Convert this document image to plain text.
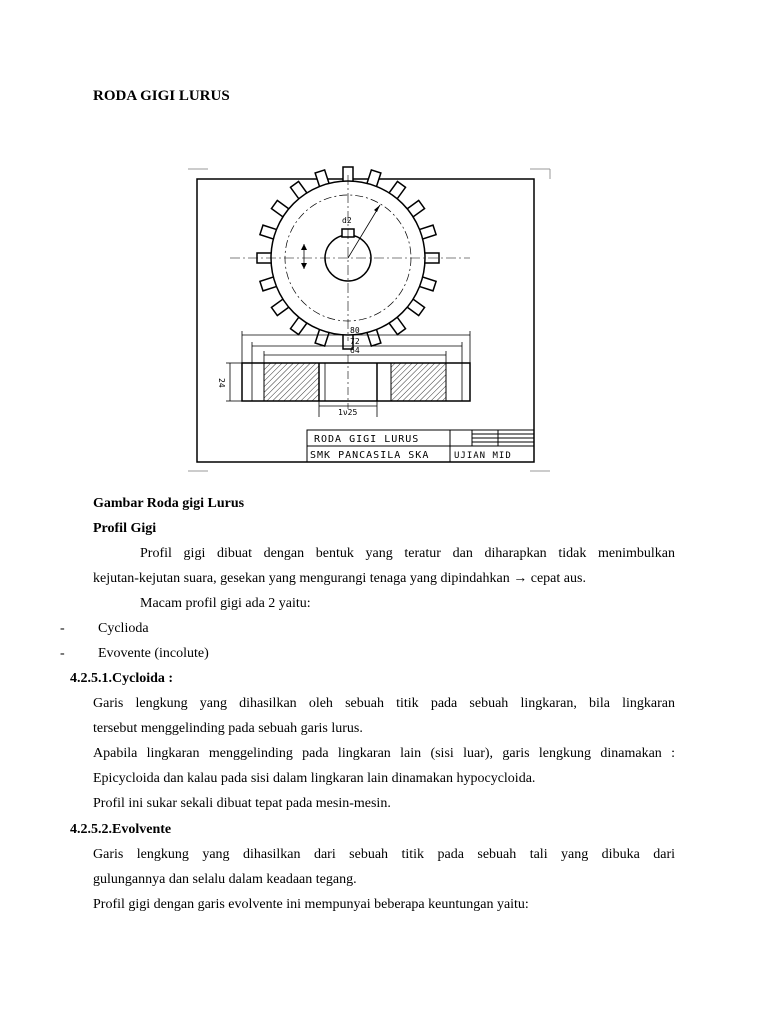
RODA GIGI LURUS
d2
80
72
64
24
1ν25
RODA GIGI LURUS
SMK PANCASILA SKA	UJIAN MID
Gambar Roda gigi Lurus
Profil Gigi
Profil gigi dibuat dengan bentuk yang teratur dan diharapkan tidak menimbulkan
kejutan-kejutan suara, gesekan yang mengurangi tenaga yang dipindahkan → cepat aus.
Macam profil gigi ada 2 yaitu:
- Cyclioda
- Evovente (incolute)
4.2.5.1.Cycloida :
Garis lengkung yang dihasilkan oleh sebuah titik pada sebuah lingkaran, bila lingkaran
tersebut menggelinding pada sebuah garis lurus.
Apabila lingkaran menggelinding pada lingkaran lain (sisi luar), garis lengkung dinamakan :
Epicycloida dan kalau pada sisi dalam lingkaran lain dinamakan hypocycloida.
Profil ini sukar sekali dibuat tepat pada mesin-mesin.
4.2.5.2.Evolvente
Garis lengkung yang dihasilkan dari sebuah titik pada sebuah tali yang dibuka dari
gulungannya dan selalu dalam keadaan tegang.
Profil gigi dengan garis evolvente ini mempunyai beberapa keuntungan yaitu:
